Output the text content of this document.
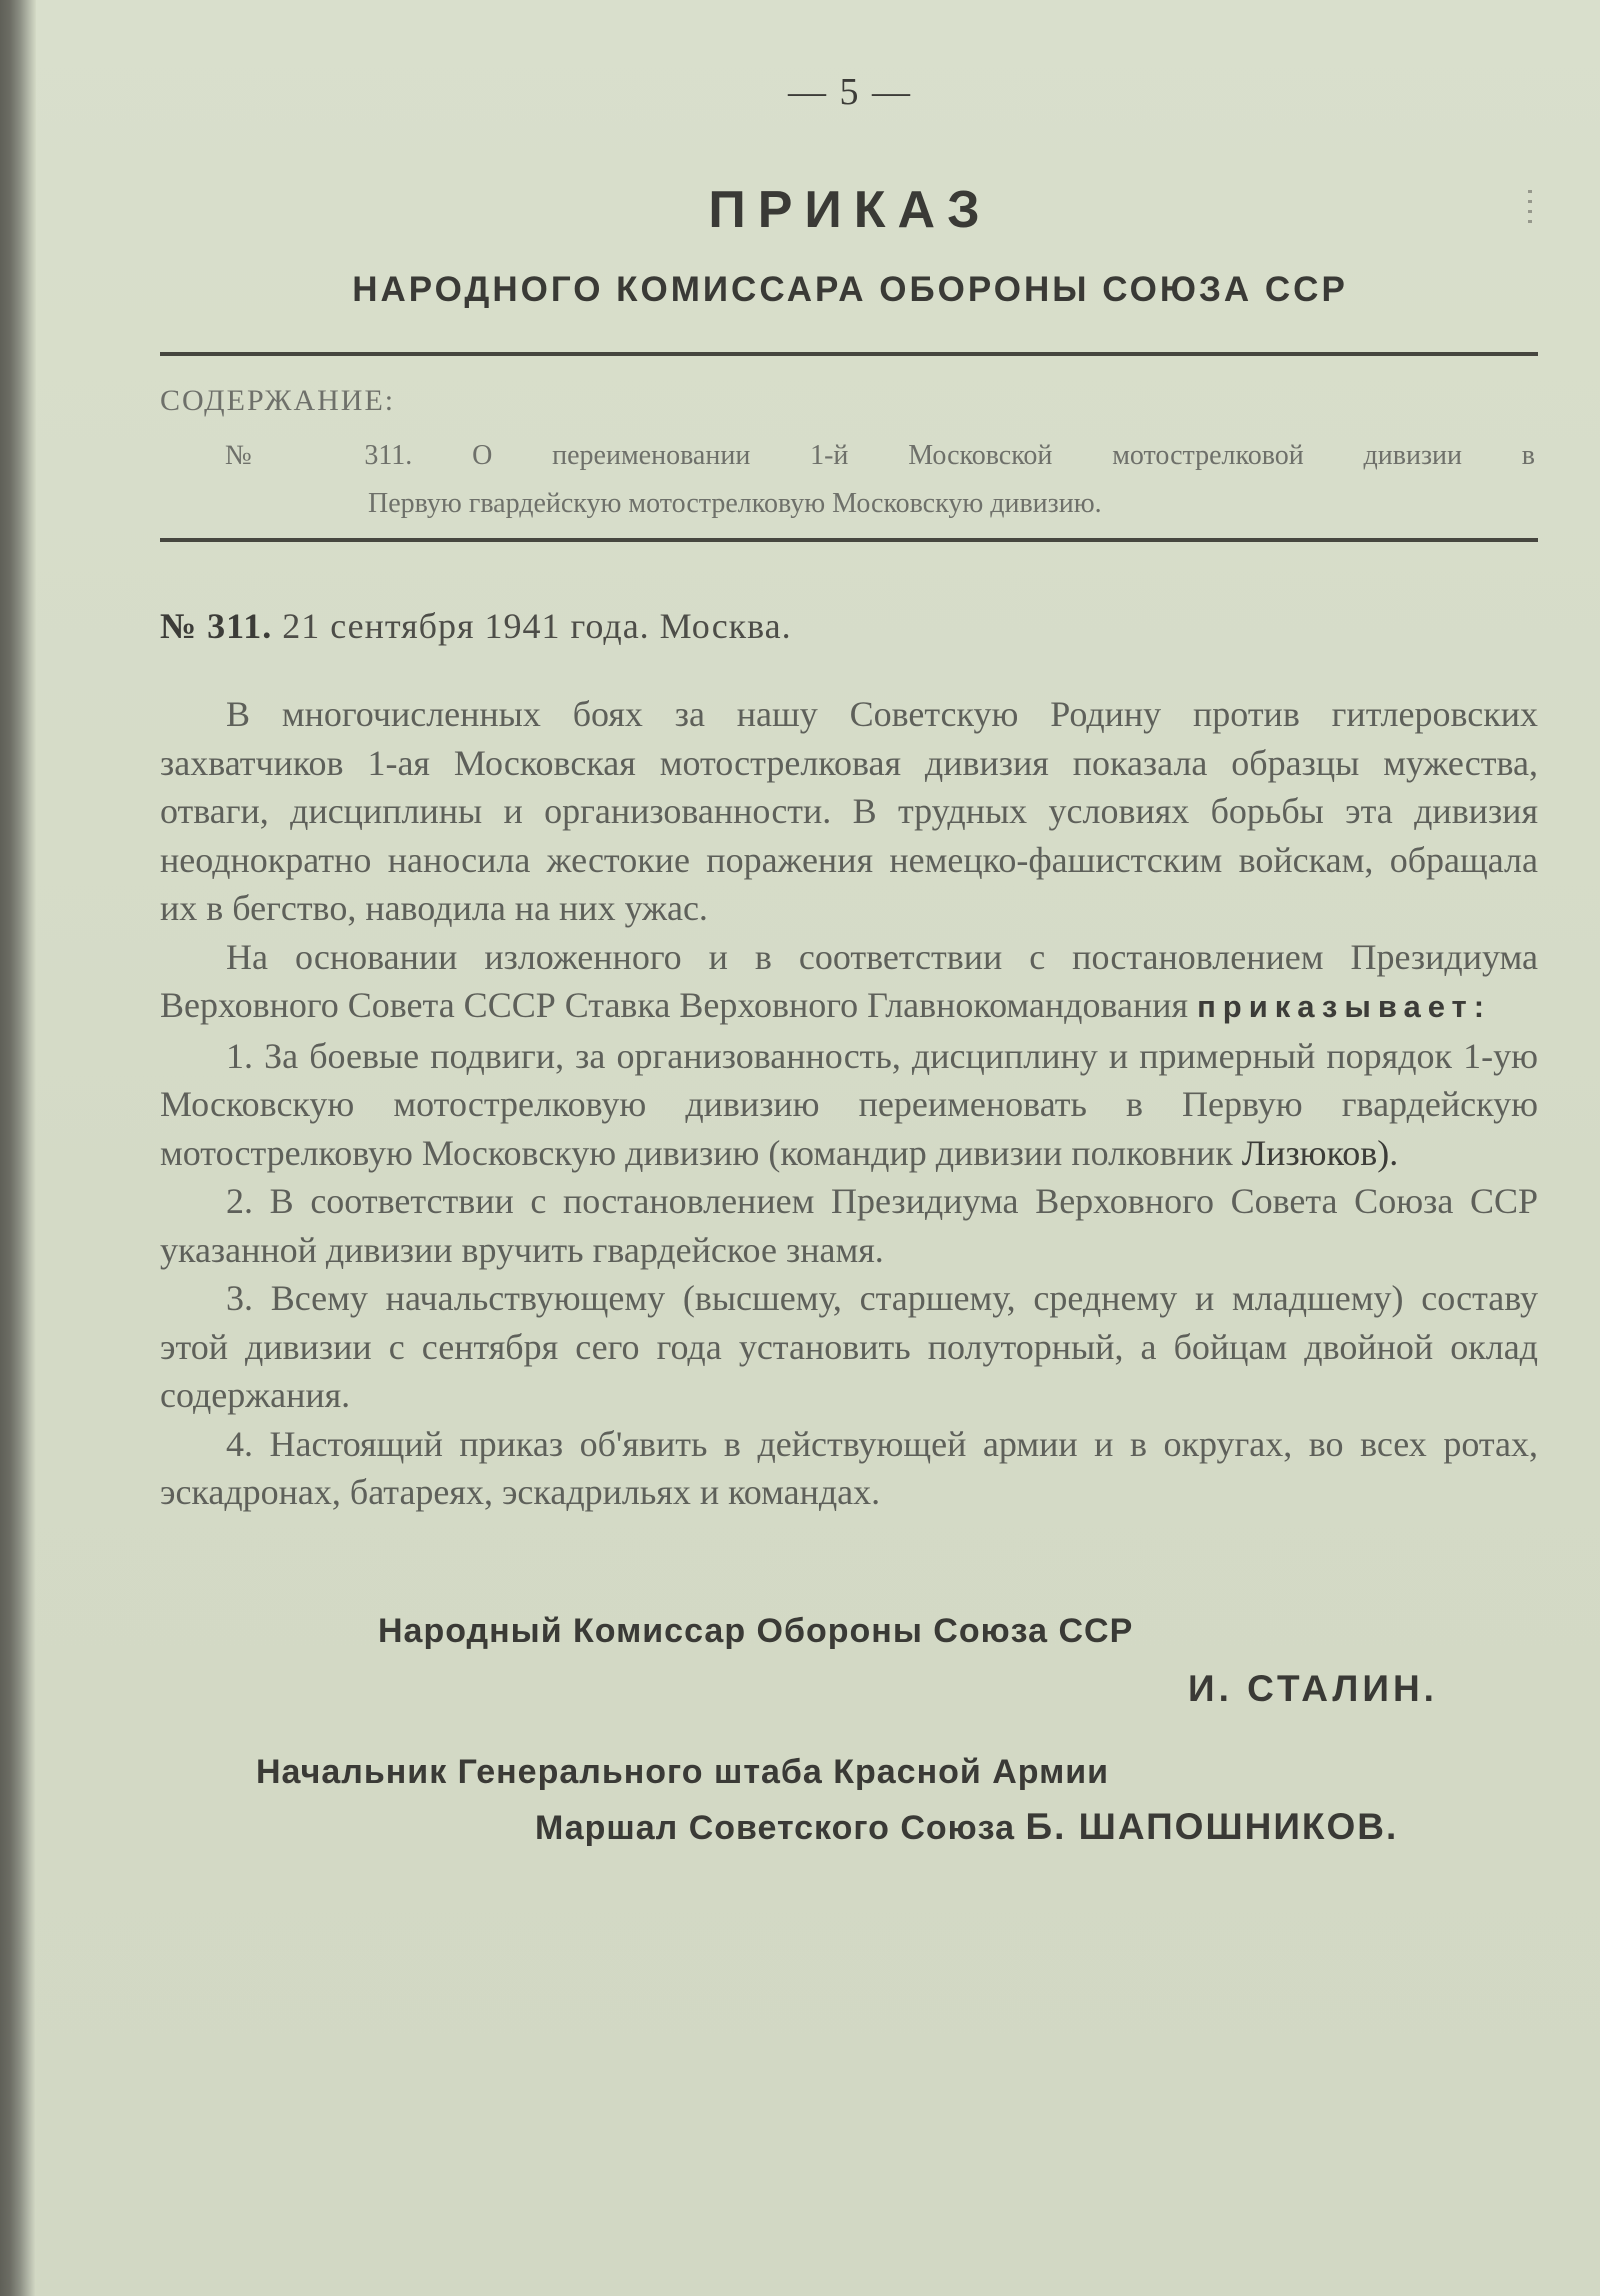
— 5 —
ПРИКАЗ
НАРОДНОГО КОМИССАРА ОБОРОНЫ СОЮЗА ССР
СОДЕРЖАНИЕ:
№ 311. О переименовании 1-й Московской мотострелковой дивизии в
Первую гвардейскую мотострелковую Московскую дивизию.
№ 311. 21 сентября 1941 года. Москва.

В многочисленных боях за нашу Советскую Родину против гитлеровских захватчиков 1-ая Московская мотострелковая дивизия показала образцы мужества, отваги, дисциплины и организованности. В трудных условиях борьбы эта дивизия неоднократно наносила жестокие поражения немецко-фашистским войскам, обращала их в бегство, наводила на них ужас.

На основании изложенного и в соответствии с постановлением Президиума Верховного Совета СССР Ставка Верховного Главнокомандования приказывает:

1. За боевые подвиги, за организованность, дисциплину и примерный порядок 1-ую Московскую мотострелковую дивизию переименовать в Первую гвардейскую мотострелковую Московскую дивизию (командир дивизии полковник Лизюков).

2. В соответствии с постановлением Президиума Верховного Совета Союза ССР указанной дивизии вручить гвардейское знамя.

3. Всему начальствующему (высшему, старшему, среднему и младшему) составу этой дивизии с сентября сего года установить полуторный, а бойцам двойной оклад содержания.

4. Настоящий приказ об'явить в действующей армии и в округах, во всех ротах, эскадронах, батареях, эскадрильях и командах.

Народный Комиссар Обороны Союза ССР
И. СТАЛИН.
Начальник Генерального штаба Красной Армии
Маршал Советского Союза Б. ШАПОШНИКОВ.
